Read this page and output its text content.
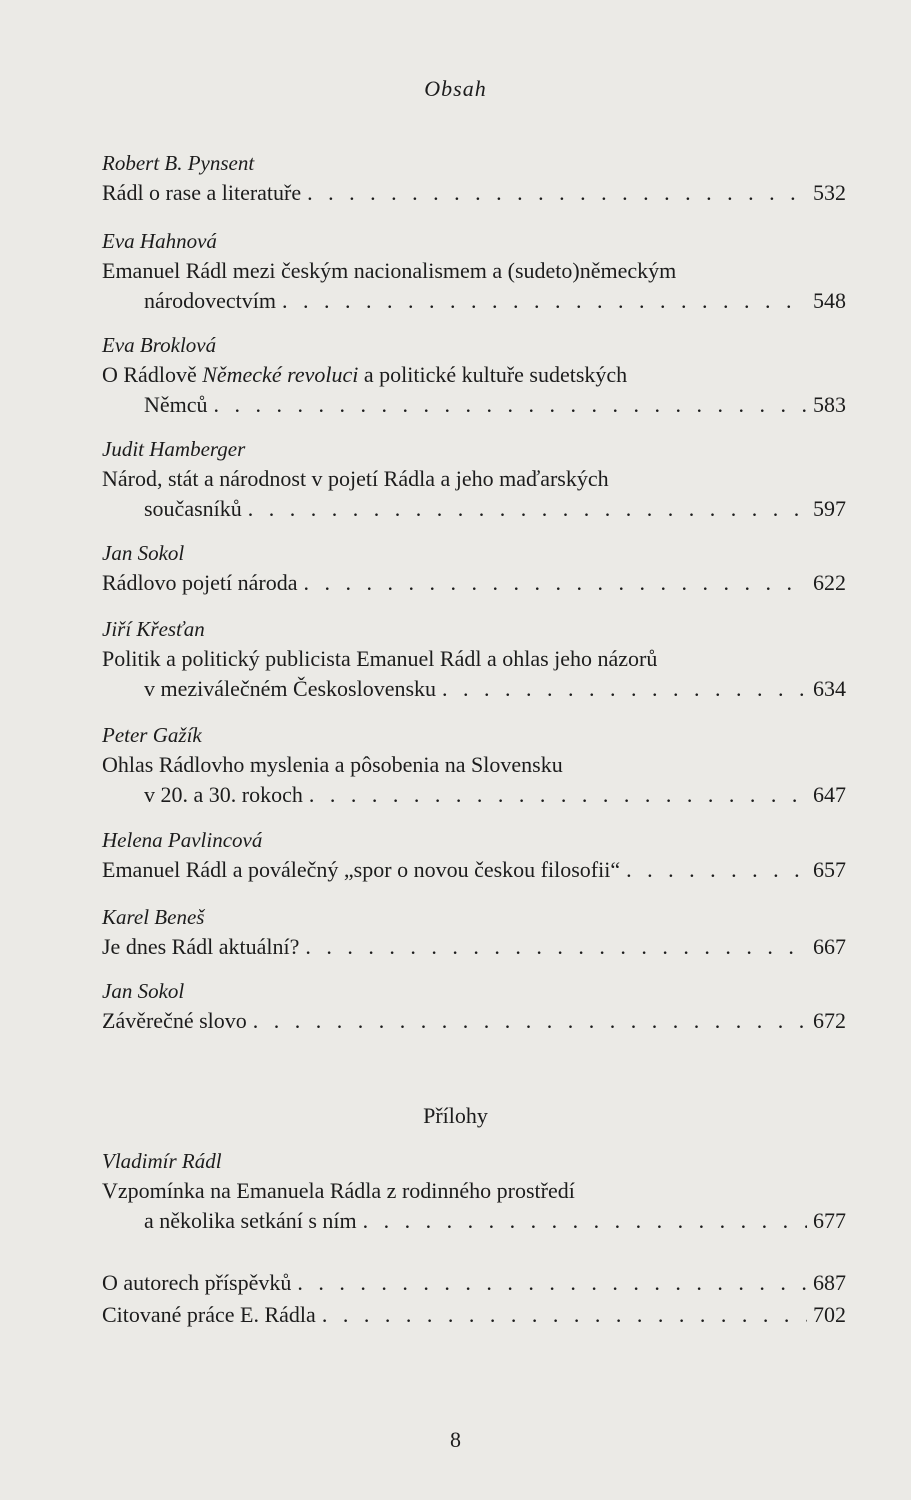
Obsah
Robert B. Pynsent
Rádl o rase a literatuře . . .	532
Eva Hahnová
Emanuel Rádl mezi českým nacionalismem a (sudeto)německým
národovectvím . . .	548
Eva Broklová
O Rádlově Německé revoluci a politické kultuře sudetských
Němců . . .	583
Judit Hamberger
Národ, stát a národnost v pojetí Rádla a jeho maďarských
současníků . . .	597
Jan Sokol
Rádlovo pojetí národa . . .	622
Jiří Křesťan
Politik a politický publicista Emanuel Rádl a ohlas jeho názorů
v meziválečném Československu . . .	634
Peter Gažík
Ohlas Rádlovho myslenia a pôsobenia na Slovensku
v 20. a 30. rokoch . . .	647
Helena Pavlincová
Emanuel Rádl a poválečný „spor o novou českou filosofii“ . . .	657
Karel Beneš
Je dnes Rádl aktuální? . . .	667
Jan Sokol
Závěrečné slovo . . .	672
Přílohy
Vladimír Rádl
Vzpomínka na Emanuela Rádla z rodinného prostředí
a několika setkání s ním . . .	677
O autorech příspěvků . . .	687
Citované práce E. Rádla . . .	702
8
